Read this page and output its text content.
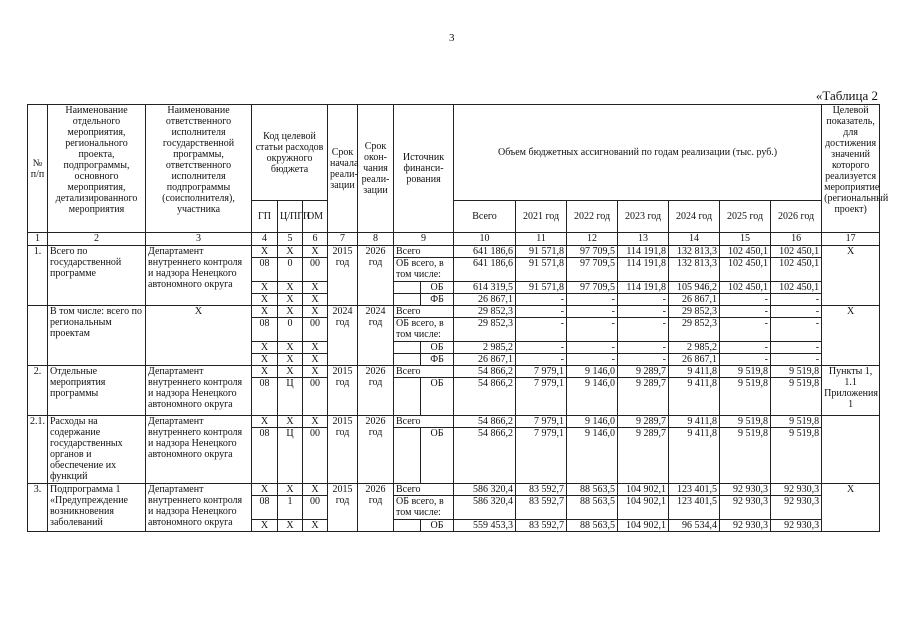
3
«Таблица 2
№ п/п	Наименование отдельного мероприятия, регионального проекта, подпрограммы, основного мероприятия, детализированного мероприятия	Наименование ответственного исполнителя государственной программы, ответственного исполнителя подпрограммы (соисполнителя), участника	Код целевой статьи расходов окружного бюджета			Срок начала реали-зации	Срок окон-чания реали-зации	Источник финанси-рования		Объем бюджетных ассигнований по годам реализации (тыс. руб.)							Целевой показатель, для достижения значений которого реализуется мероприятие (региональный проект)
			ГП	Ц/ПГП	ОМ					Всего	2021 год	2022 год	2023 год	2024 год	2025 год	2026 год	
1	2	3	4	5	6	7	8	9		10	11	12	13	14	15	16	17
1.	Всего по государственной программе	Департамент внутреннего контроля и надзора Ненецкого автономного округа	X	X	X	2015 год	2026 год	Всего		641 186,6	91 571,8	97 709,5	114 191,8	132 813,3	102 450,1	102 450,1	X
			08	0	00			ОБ всего, в том числе:		641 186,6	91 571,8	97 709,5	114 191,8	132 813,3	102 450,1	102 450,1	
			X	X	X				ОБ	614 319,5	91 571,8	97 709,5	114 191,8	105 946,2	102 450,1	102 450,1	
			X	X	X				ФБ	26 867,1	-	-	-	26 867,1	-	-	
	В том числе: всего по региональным проектам	X	X	X	X	2024 год	2024 год	Всего		29 852,3	-	-	-	29 852,3	-	-	X
			08	0	00			ОБ всего, в том числе:		29 852,3	-	-	-	29 852,3	-	-	
			X	X	X				ОБ	2 985,2	-	-	-	2 985,2	-	-	
			X	X	X				ФБ	26 867,1	-	-	-	26 867,1	-	-	
2.	Отдельные мероприятия программы	Департамент внутреннего контроля и надзора Ненецкого автономного округа	X	X	X	2015 год	2026 год	Всего		54 866,2	7 979,1	9 146,0	9 289,7	9 411,8	9 519,8	9 519,8	Пункты 1, 1.1 Приложения 1
			08	Ц	00				ОБ	54 866,2	7 979,1	9 146,0	9 289,7	9 411,8	9 519,8	9 519,8	
2.1.	Расходы на содержание государственных органов и обеспечение их функций	Департамент внутреннего контроля и надзора Ненецкого автономного округа	X	X	X	2015 год	2026 год	Всего		54 866,2	7 979,1	9 146,0	9 289,7	9 411,8	9 519,8	9 519,8	
			08	Ц	00				ОБ	54 866,2	7 979,1	9 146,0	9 289,7	9 411,8	9 519,8	9 519,8	
3.	Подпрограмма 1 «Предупреждение возникновения заболеваний	Департамент внутреннего контроля и надзора Ненецкого автономного округа	X	X	X	2015 год	2026 год	Всего		586 320,4	83 592,7	88 563,5	104 902,1	123 401,5	92 930,3	92 930,3	X
			08	1	00			ОБ всего, в том числе:		586 320,4	83 592,7	88 563,5	104 902,1	123 401,5	92 930,3	92 930,3	
			X	X	X				ОБ	559 453,3	83 592,7	88 563,5	104 902,1	96 534,4	92 930,3	92 930,3	
